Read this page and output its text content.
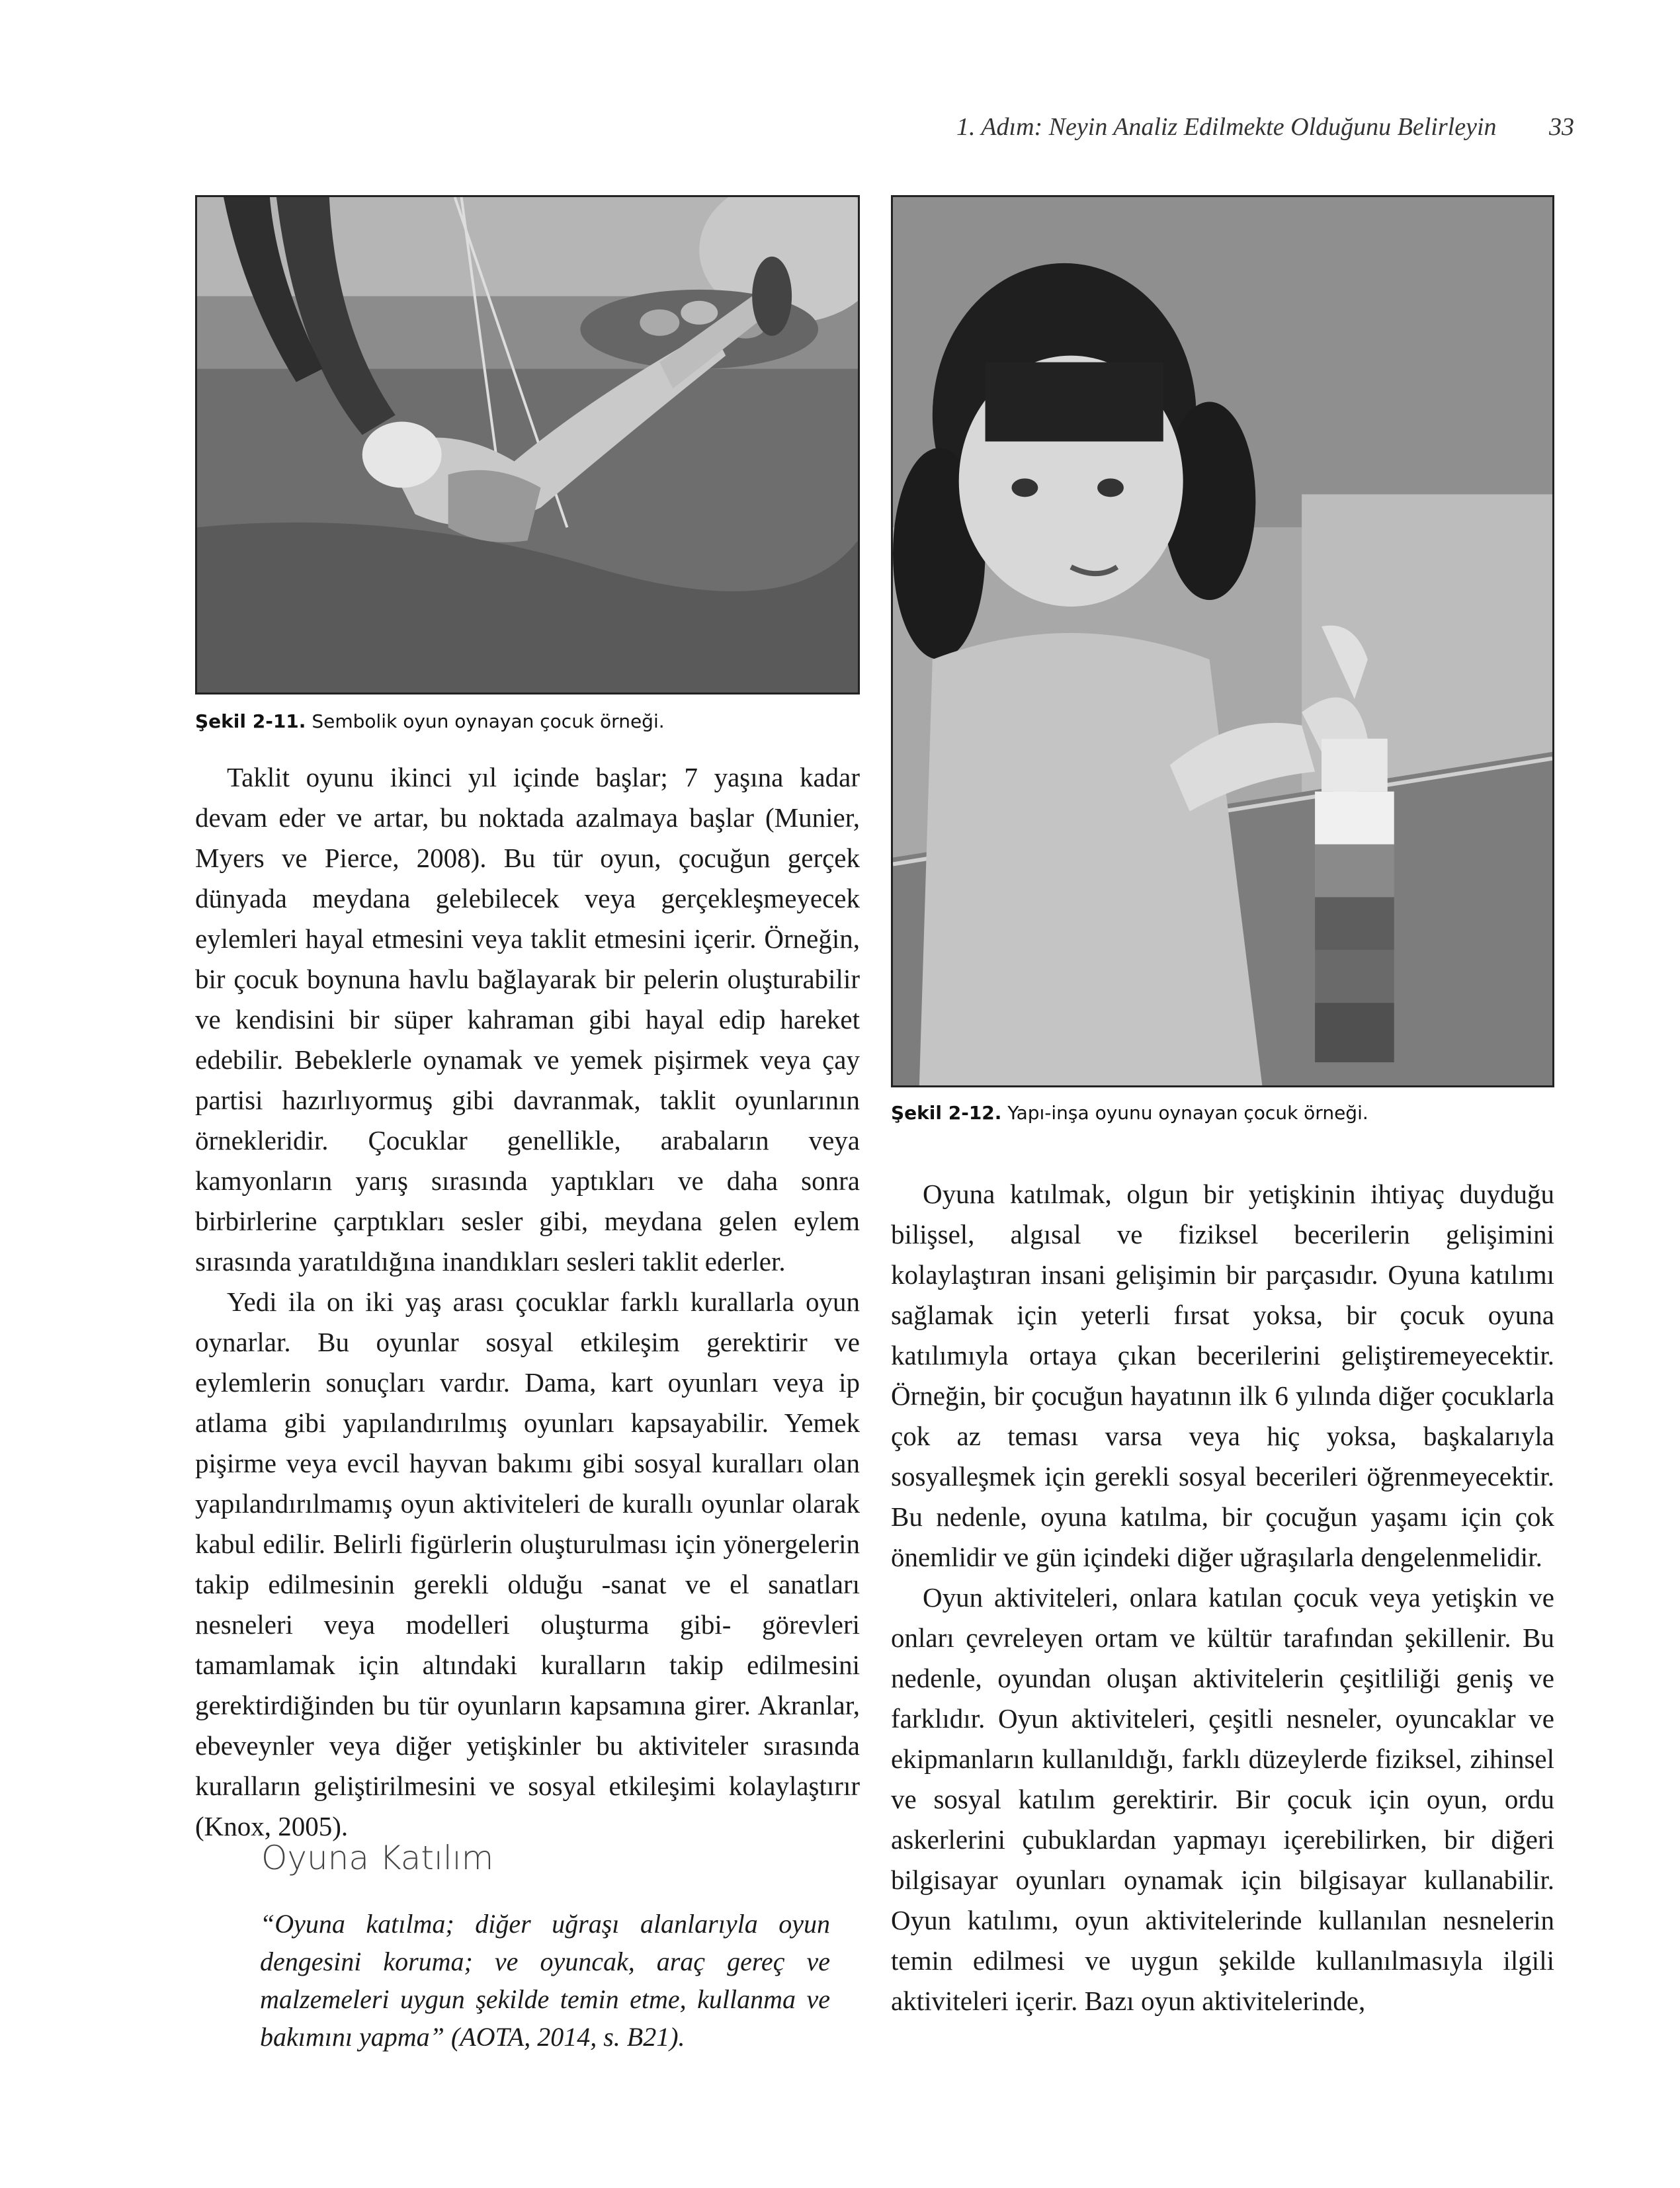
1. Adım: Neyin Analiz Edilmekte Olduğunu Belirleyin 33
Şekil 2-11. Sembolik oyun oynayan çocuk örneği.
Şekil 2-12. Yapı-inşa oyunu oynayan çocuk örneği.

Taklit oyunu ikinci yıl içinde başlar; 7 yaşına kadar devam eder ve artar, bu noktada azalmaya başlar (Munier, Myers ve Pierce, 2008). Bu tür oyun, çocuğun gerçek dünyada meydana gelebilecek veya gerçekleşmeyecek eylemleri hayal etmesini veya taklit etmesini içerir. Örneğin, bir çocuk boynuna havlu bağlayarak bir pelerin oluşturabilir ve kendisini bir süper kahraman gibi hayal edip hareket edebilir. Bebeklerle oynamak ve yemek pişirmek veya çay partisi hazırlıyormuş gibi davranmak, taklit oyunlarının örnekleridir. Çocuklar genellikle, arabaların veya kamyonların yarış sırasında yaptıkları ve daha sonra birbirlerine çarptıkları sesler gibi, meydana gelen eylem sırasında yaratıldığına inandıkları sesleri taklit ederler.

Yedi ila on iki yaş arası çocuklar farklı kurallarla oyun oynarlar. Bu oyunlar sosyal etkileşim gerektirir ve eylemlerin sonuçları vardır. Dama, kart oyunları veya ip atlama gibi yapılandırılmış oyunları kapsayabilir. Yemek pişirme veya evcil hayvan bakımı gibi sosyal kuralları olan yapılandırılmamış oyun aktiviteleri de kurallı oyunlar olarak kabul edilir. Belirli figürlerin oluşturulması için yönergelerin takip edilmesinin gerekli olduğu -sanat ve el sanatları nesneleri veya modelleri oluşturma gibi- görevleri tamamlamak için altındaki kuralların takip edilmesini gerektirdiğinden bu tür oyunların kapsamına girer. Akranlar, ebeveynler veya diğer yetişkinler bu aktiviteler sırasında kuralların geliştirilmesini ve sosyal etkileşimi kolaylaştırır (Knox, 2005).

Oyuna Katılım
“Oyuna katılma; diğer uğraşı alanlarıyla oyun dengesini koruma; ve oyuncak, araç gereç ve malzemeleri uygun şekilde temin etme, kullanma ve bakımını yapma” (AOTA, 2014, s. B21).

Oyuna katılmak, olgun bir yetişkinin ihtiyaç duyduğu bilişsel, algısal ve fiziksel becerilerin gelişimini kolaylaştıran insani gelişimin bir parçasıdır. Oyuna katılımı sağlamak için yeterli fırsat yoksa, bir çocuk oyuna katılımıyla ortaya çıkan becerilerini geliştiremeyecektir. Örneğin, bir çocuğun hayatının ilk 6 yılında diğer çocuklarla çok az teması varsa veya hiç yoksa, başkalarıyla sosyalleşmek için gerekli sosyal becerileri öğrenmeyecektir. Bu nedenle, oyuna katılma, bir çocuğun yaşamı için çok önemlidir ve gün içindeki diğer uğraşılarla dengelenmelidir.

Oyun aktiviteleri, onlara katılan çocuk veya yetişkin ve onları çevreleyen ortam ve kültür tarafından şekillenir. Bu nedenle, oyundan oluşan aktivitelerin çeşitliliği geniş ve farklıdır. Oyun aktiviteleri, çeşitli nesneler, oyuncaklar ve ekipmanların kullanıldığı, farklı düzeylerde fiziksel, zihinsel ve sosyal katılım gerektirir. Bir çocuk için oyun, ordu askerlerini çubuklardan yapmayı içerebilirken, bir diğeri bilgisayar oyunları oynamak için bilgisayar kullanabilir. Oyun katılımı, oyun aktivitelerinde kullanılan nesnelerin temin edilmesi ve uygun şekilde kullanılmasıyla ilgili aktiviteleri içerir. Bazı oyun aktivitelerinde,
